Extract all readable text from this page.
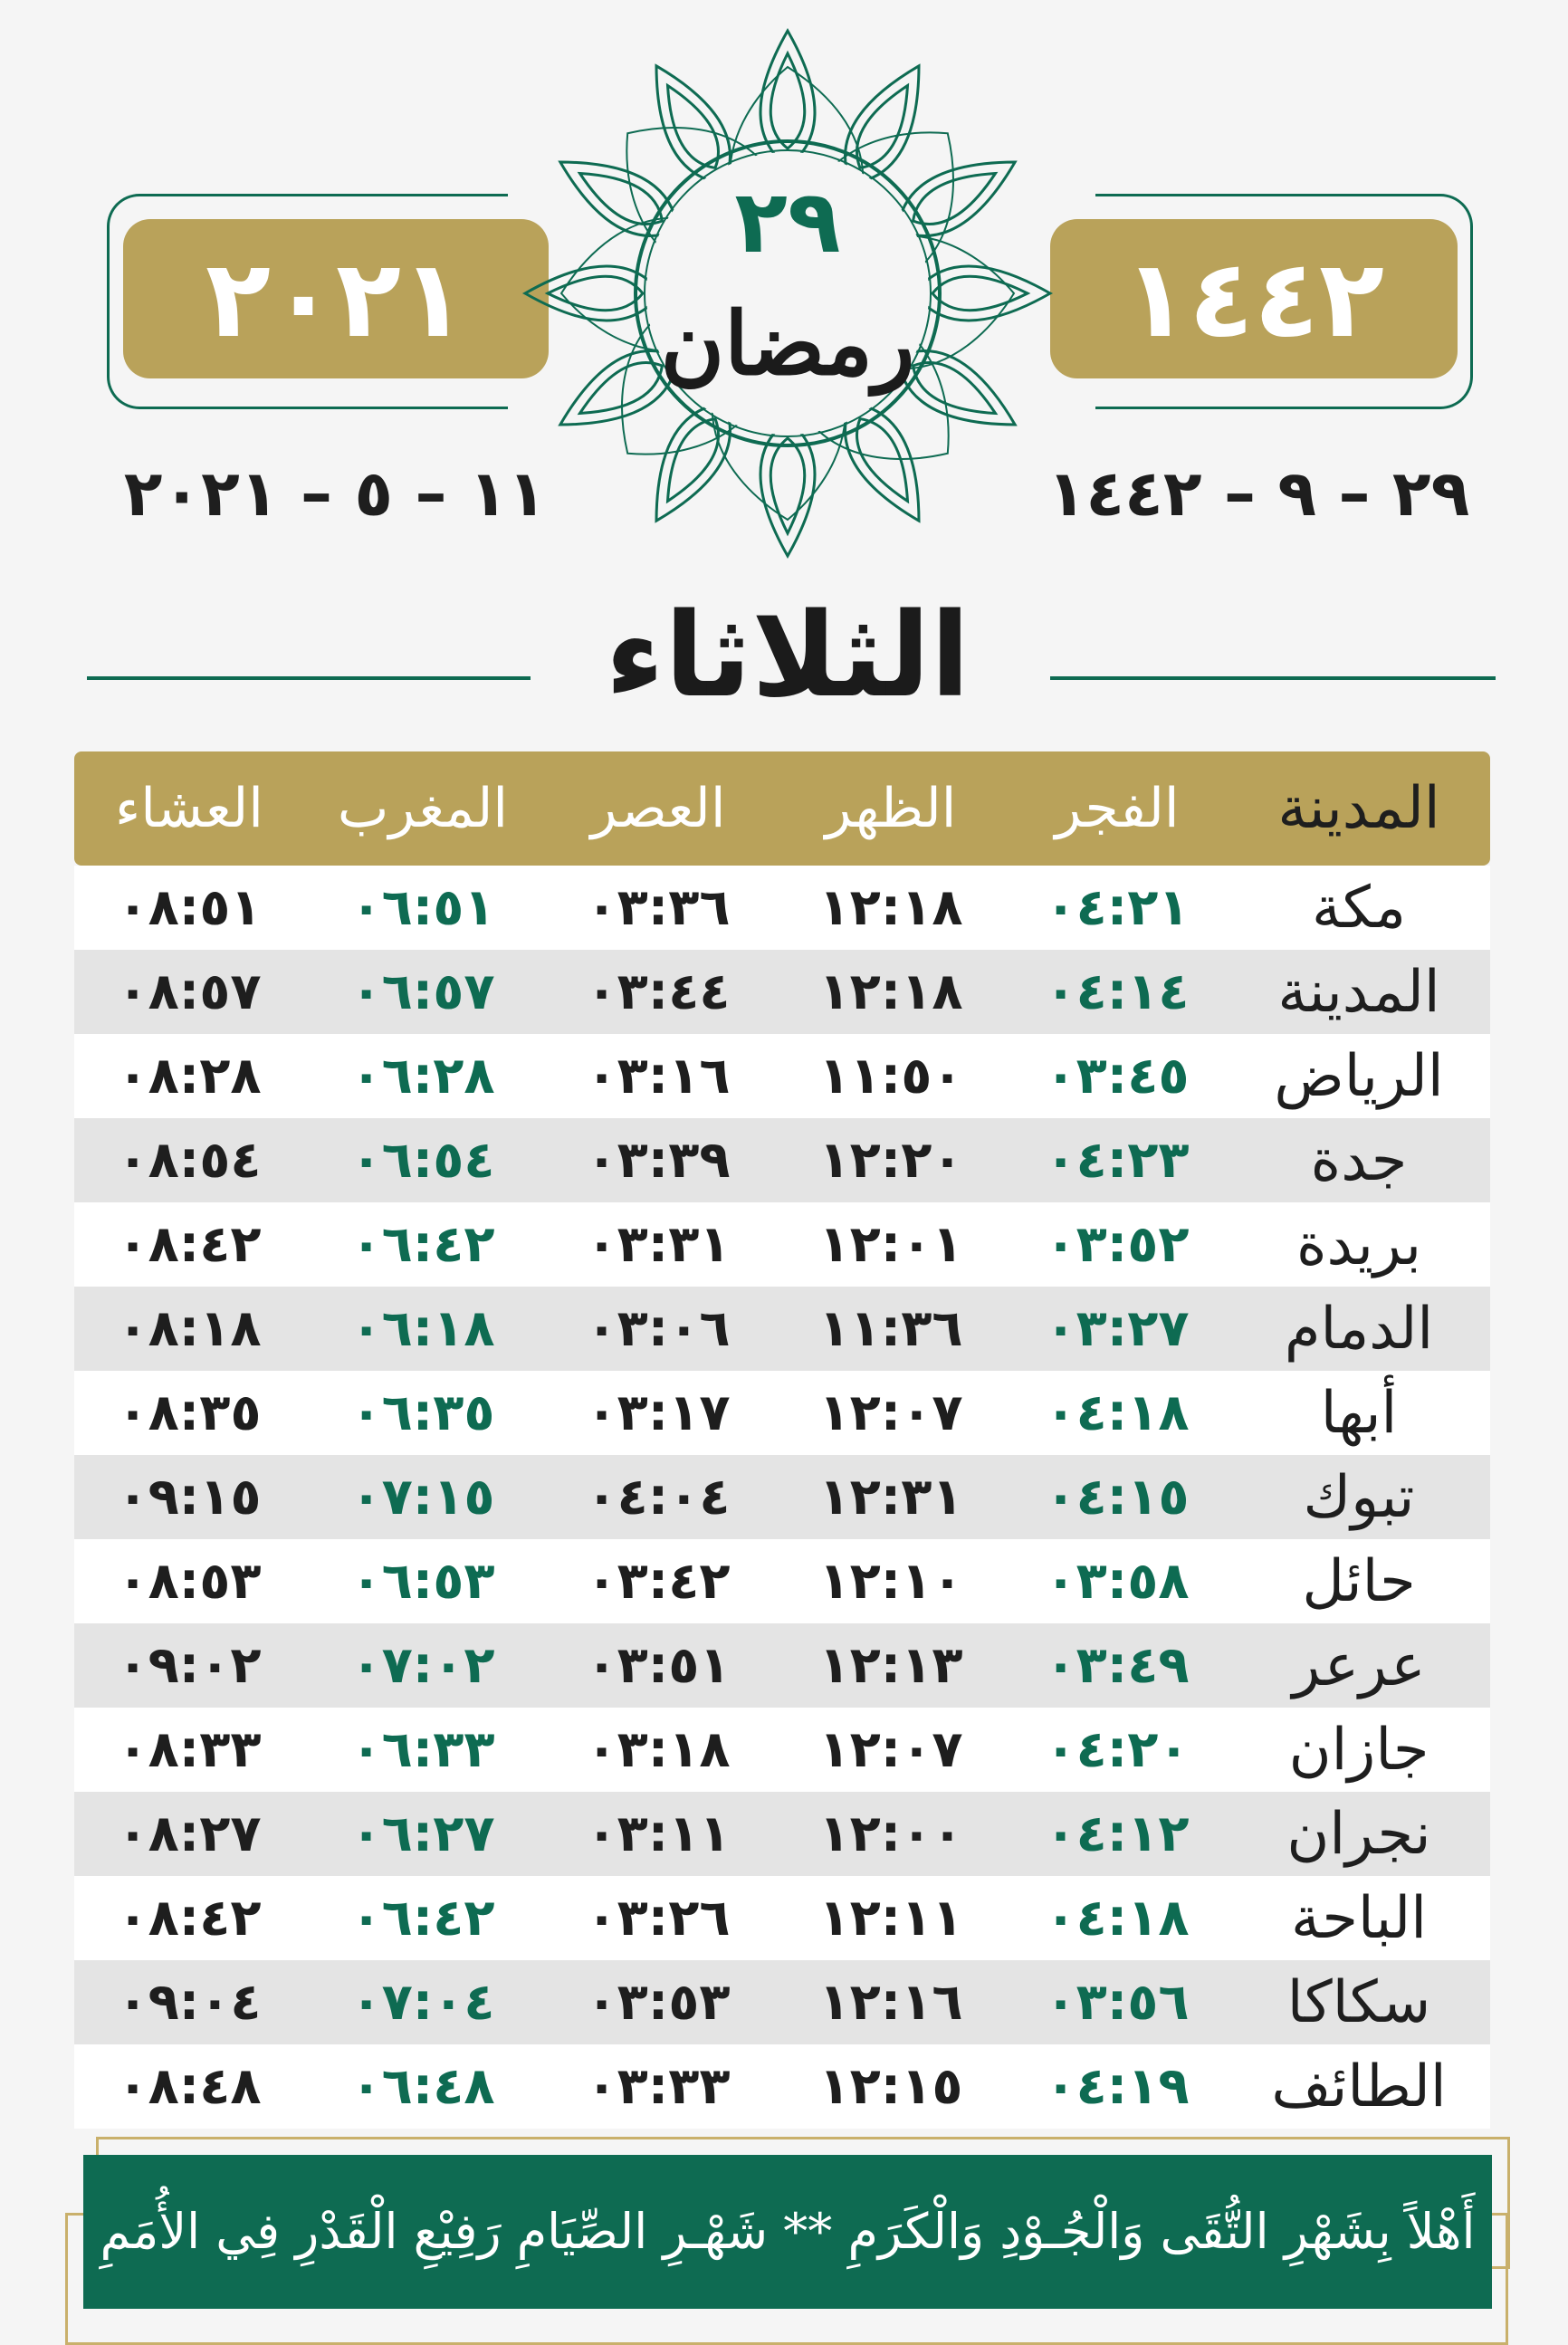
٢٠٢١	١٤٤٢
٢٩
رمضان
١١ – ٥ – ٢٠٢١	٢٩ – ٩ – ١٤٤٢
الثلاثاء
المدينة
الفجر
الظهر
العصر
المغرب
العشاء
مكة
٠٤:٢١
١٢:١٨
٠٣:٣٦
٠٦:٥١
٠٨:٥١
المدينة
٠٤:١٤
١٢:١٨
٠٣:٤٤
٠٦:٥٧
٠٨:٥٧
الرياض
٠٣:٤٥
١١:٥٠
٠٣:١٦
٠٦:٢٨
٠٨:٢٨
جدة
٠٤:٢٣
١٢:٢٠
٠٣:٣٩
٠٦:٥٤
٠٨:٥٤
بريدة
٠٣:٥٢
١٢:٠١
٠٣:٣١
٠٦:٤٢
٠٨:٤٢
الدمام
٠٣:٢٧
١١:٣٦
٠٣:٠٦
٠٦:١٨
٠٨:١٨
أبها
٠٤:١٨
١٢:٠٧
٠٣:١٧
٠٦:٣٥
٠٨:٣٥
تبوك
٠٤:١٥
١٢:٣١
٠٤:٠٤
٠٧:١٥
٠٩:١٥
حائل
٠٣:٥٨
١٢:١٠
٠٣:٤٢
٠٦:٥٣
٠٨:٥٣
عرعر
٠٣:٤٩
١٢:١٣
٠٣:٥١
٠٧:٠٢
٠٩:٠٢
جازان
٠٤:٢٠
١٢:٠٧
٠٣:١٨
٠٦:٣٣
٠٨:٣٣
نجران
٠٤:١٢
١٢:٠٠
٠٣:١١
٠٦:٢٧
٠٨:٢٧
الباحة
٠٤:١٨
١٢:١١
٠٣:٢٦
٠٦:٤٢
٠٨:٤٢
سكاكا
٠٣:٥٦
١٢:١٦
٠٣:٥٣
٠٧:٠٤
٠٩:٠٤
الطائف
٠٤:١٩
١٢:١٥
٠٣:٣٣
٠٦:٤٨
٠٨:٤٨
أَهْلاً بِشَهْرِ التُّقَى وَالْجُـوْدِ وَالْكَرَمِ ** شَهْـرِ الصِّيَامِ رَفِيْعِ الْقَدْرِ فِي الأُمَمِ
